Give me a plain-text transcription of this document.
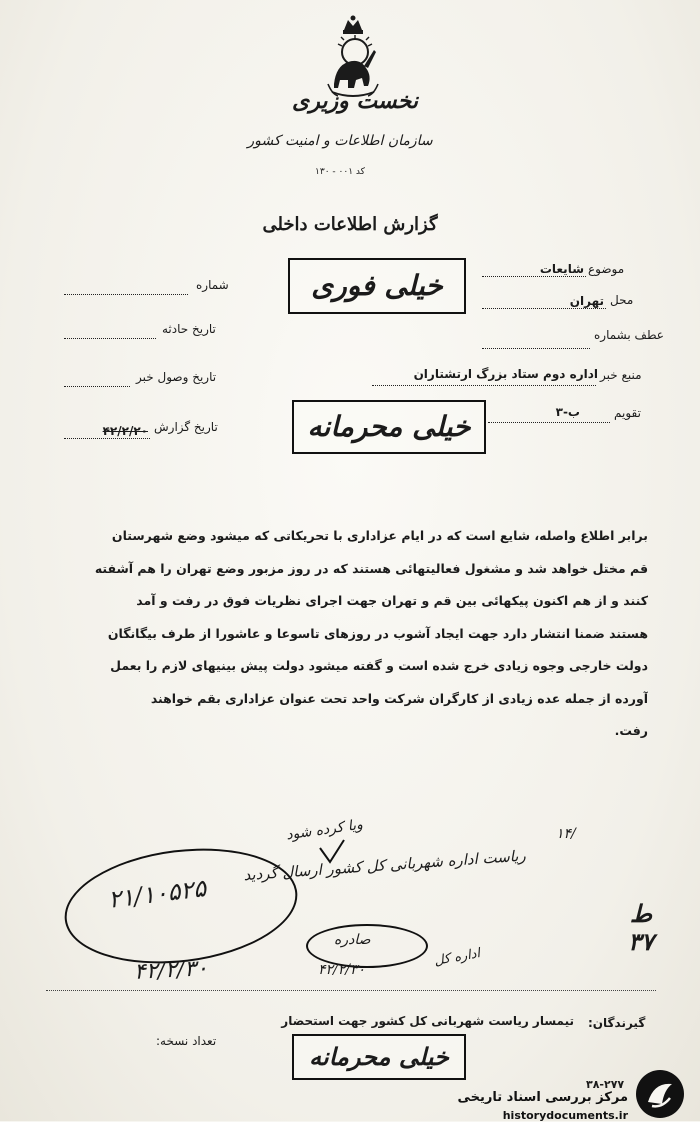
نخست وزیری
سازمان اطلاعات و امنیت کشور
کد ۰۰۱ - ۱۳۰
گزارش اطلاعات داخلی
خیلی فوری
خیلی محرمانه
موضوع
شایعات
محل
تهران
عطف بشماره
منبع خبر
اداره دوم ستاد بزرگ ارتشتاران
تقویم
ب-۳
شماره
تاریخ حادثه
تاریخ وصول خبر
تاریخ گزارش
۴۲/۲/۲۰
برابر اطلاع واصله، شایع است که در ایام عزاداری با تحریکاتی که میشود وضع شهرستان
قم مختل خواهد شد و مشغول فعالیتهائی هستند که در روز مزبور وضع تهران را هم آشفته
کنند و از هم اکنون پیکهائی بین قم و تهران جهت اجرای نظریات فوق در رفت و آمد
هستند ضمنا انتشار دارد جهت ایجاد آشوب در روزهای تاسوعا و عاشورا از طرف بیگانگان
دولت خارجی وجوه زیادی خرج شده است و گفته میشود دولت پیش بینیهای لازم را بعمل
آورده از جمله عده زیادی از کارگران شرکت واحد تحت عنوان عزاداری بقم خواهند
رفت.
ویا کرده شود
ریاست اداره شهربانی کل کشور ارسال گردید
۱۴/
۲۱/۱۰۵۲۵
۴۲/۲/۳۰
صادره
۴۲/۲/۳۰
اداره کل
ط ۳۷
گیرندگان:
تیمسار ریاست شهربانی کل کشور جهت استحضار
تعداد نسخه:
خیلی محرمانه
۳۸-۲۷۷
مرکز بررسی اسناد تاریخی
historydocuments.ir
